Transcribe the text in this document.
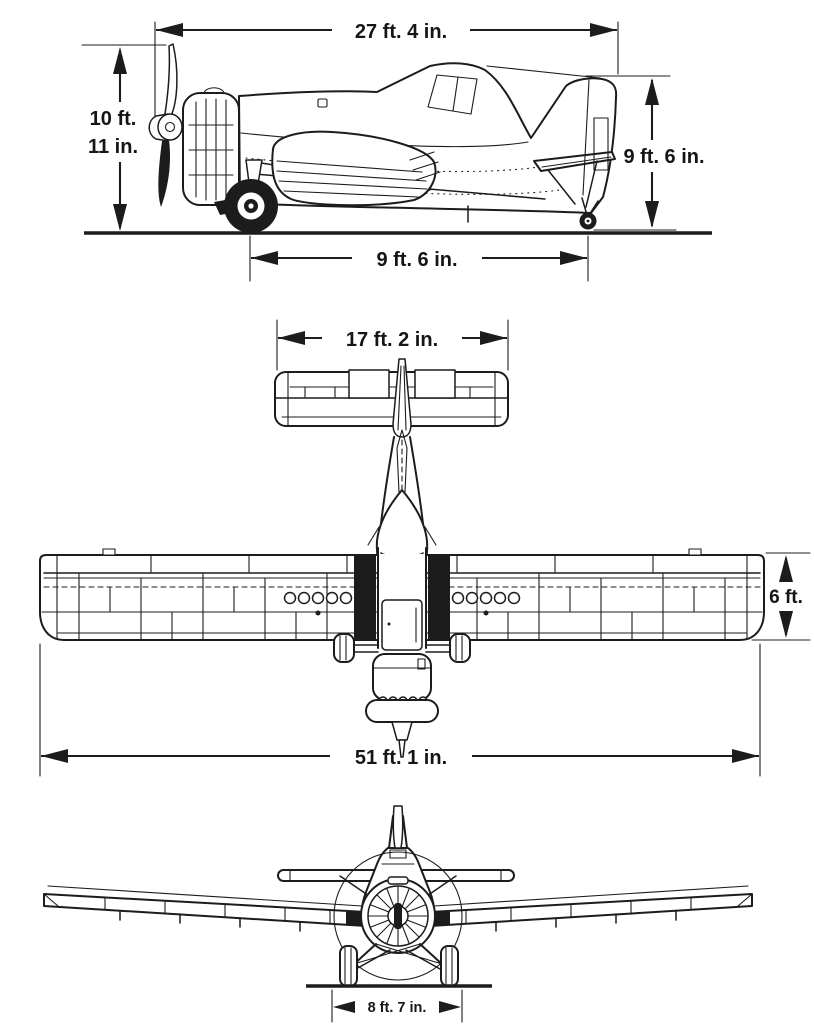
27 ft. 4 in.
10 ft.
11 in.	9 ft. 6 in.
9 ft. 6 in.
17 ft. 2 in.
6 ft.
51 ft. 1 in.
8 ft. 7 in.
